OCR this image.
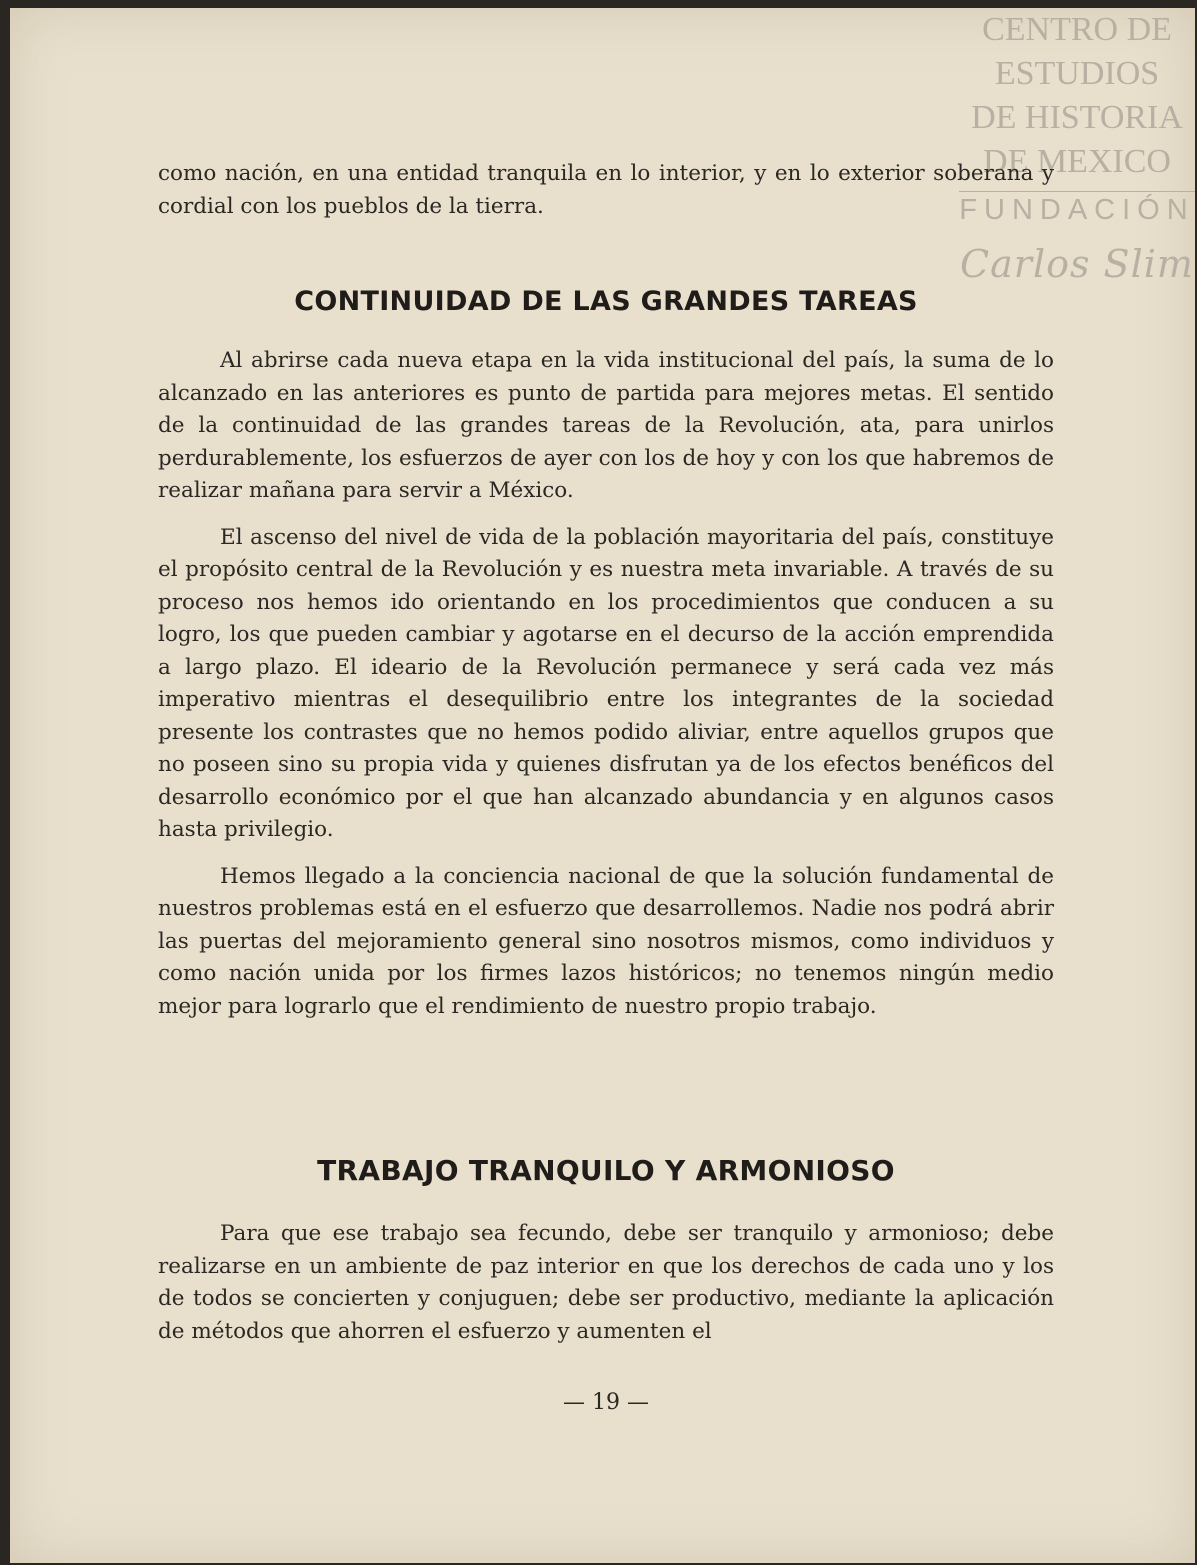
CENTRO DE
ESTUDIOS
DE HISTORIA
DE MEXICO
FUNDACIÓN
Carlos Slim

como nación, en una entidad tranquila en lo interior, y en lo exterior soberana y cordial con los pueblos de la tierra.

CONTINUIDAD DE LAS GRANDES TAREAS

Al abrirse cada nueva etapa en la vida institucional del país, la suma de lo alcanzado en las anteriores es punto de partida para mejores metas. El sentido de la continuidad de las grandes tareas de la Revolución, ata, para unirlos perdurablemente, los esfuerzos de ayer con los de hoy y con los que habremos de realizar mañana para servir a México.

El ascenso del nivel de vida de la población mayoritaria del país, constituye el propósito central de la Revolución y es nuestra meta invariable. A través de su proceso nos hemos ido orientando en los procedimientos que conducen a su logro, los que pueden cambiar y agotarse en el decurso de la acción emprendida a largo plazo. El ideario de la Revolución permanece y será cada vez más imperativo mientras el desequilibrio entre los integrantes de la sociedad presente los contrastes que no hemos podido aliviar, entre aquellos grupos que no poseen sino su propia vida y quienes disfrutan ya de los efectos benéficos del desarrollo económico por el que han alcanzado abundancia y en algunos casos hasta privilegio.

Hemos llegado a la conciencia nacional de que la solución fundamental de nuestros problemas está en el esfuerzo que desarrollemos. Nadie nos podrá abrir las puertas del mejoramiento general sino nosotros mismos, como individuos y como nación unida por los firmes lazos históricos; no tenemos ningún medio mejor para lograrlo que el rendimiento de nuestro propio trabajo.

TRABAJO TRANQUILO Y ARMONIOSO

Para que ese trabajo sea fecundo, debe ser tranquilo y armonioso; debe realizarse en un ambiente de paz interior en que los derechos de cada uno y los de todos se concierten y conjuguen; debe ser productivo, mediante la aplicación de métodos que ahorren el esfuerzo y aumenten el

— 19 —
